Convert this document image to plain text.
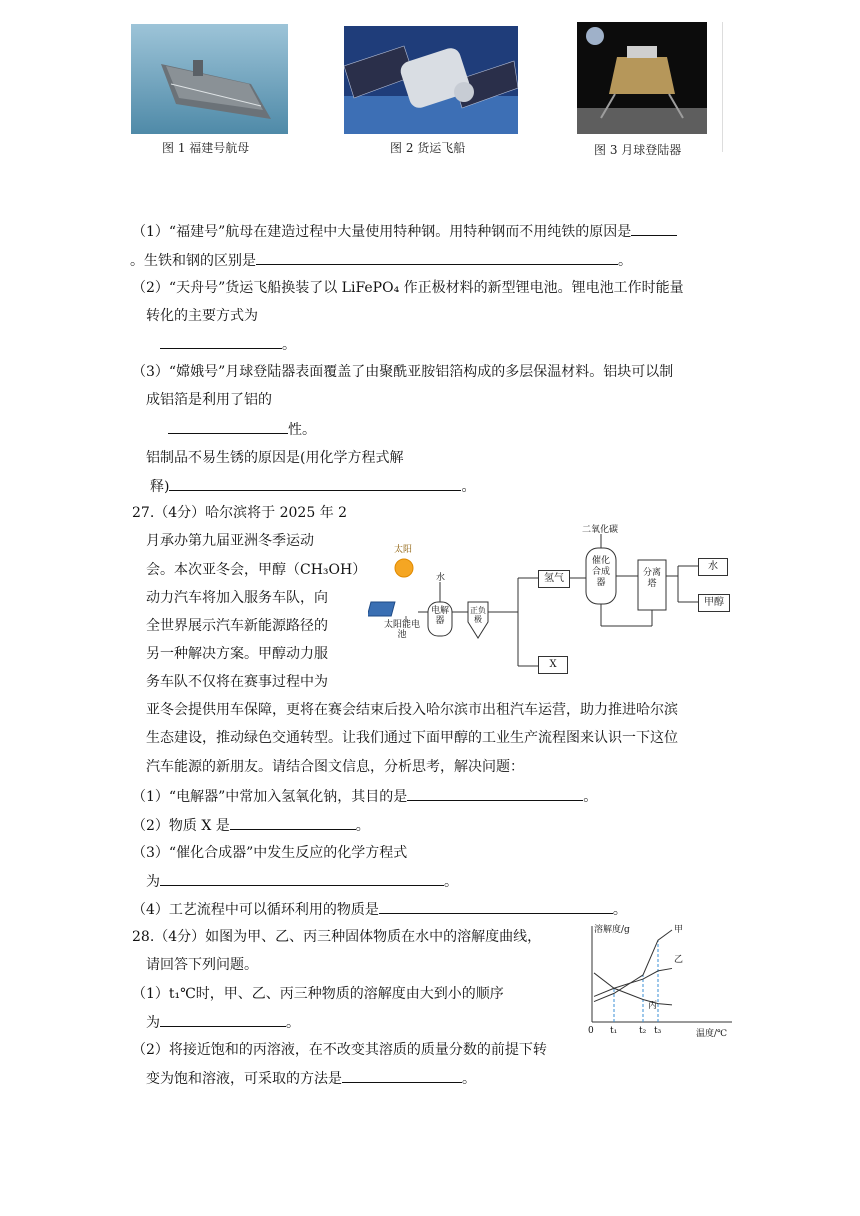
图 1 福建号航母	图 2 货运飞船	图 3 月球登陆器
（1）“福建号”航母在建造过程中大量使用特种钢。用特种钢而不用纯铁的原因是
。生铁和钢的区别是	。
（2）“天舟号”货运飞船换装了以 LiFePO₄ 作正极材料的新型锂电池。锂电池工作时能量
转化的主要方式为
。
（3）“嫦娥号”月球登陆器表面覆盖了由聚酰亚胺铝箔构成的多层保温材料。铝块可以制
成铝箔是利用了铝的
性。
铝制品不易生锈的原因是(用化学方程式解
释)	。
27.（4分）哈尔滨将于 2025 年 2
月承办第九届亚洲冬季运动
会。本次亚冬会，甲醇（CH₃OH）
动力汽车将加入服务车队，向
全世界展示汽车新能源路径的
另一种解决方案。甲醇动力服
务车队不仅将在赛事过程中为
亚冬会提供用车保障，更将在赛会结束后投入哈尔滨市出租汽车运营，助力推进哈尔滨
生态建设，推动绿色交通转型。让我们通过下面甲醇的工业生产流程图来认识一下这位
汽车能源的新朋友。请结合图文信息，分析思考，解决问题：
太阳
太阳能电池
水
电解器
正负极
氢气
二氧化碳
催化合成器
分离塔
水
甲醇
X
（1）“电解器”中常加入氢氧化钠，其目的是	。
（2）物质 X 是	。
（3）“催化合成器”中发生反应的化学方程式
为	。
（4）工艺流程中可以循环利用的物质是	。
28.（4分）如图为甲、乙、丙三种固体物质在水中的溶解度曲线，
请回答下列问题。
（1）t₁℃时，甲、乙、丙三种物质的溶解度由大到小的顺序
为	。
（2）将接近饱和的丙溶液，在不改变其溶质的质量分数的前提下转
变为饱和溶液，可采取的方法是	。
溶解度/g
温度/℃
0 t₁ t₂ t₃
甲
乙
丙
